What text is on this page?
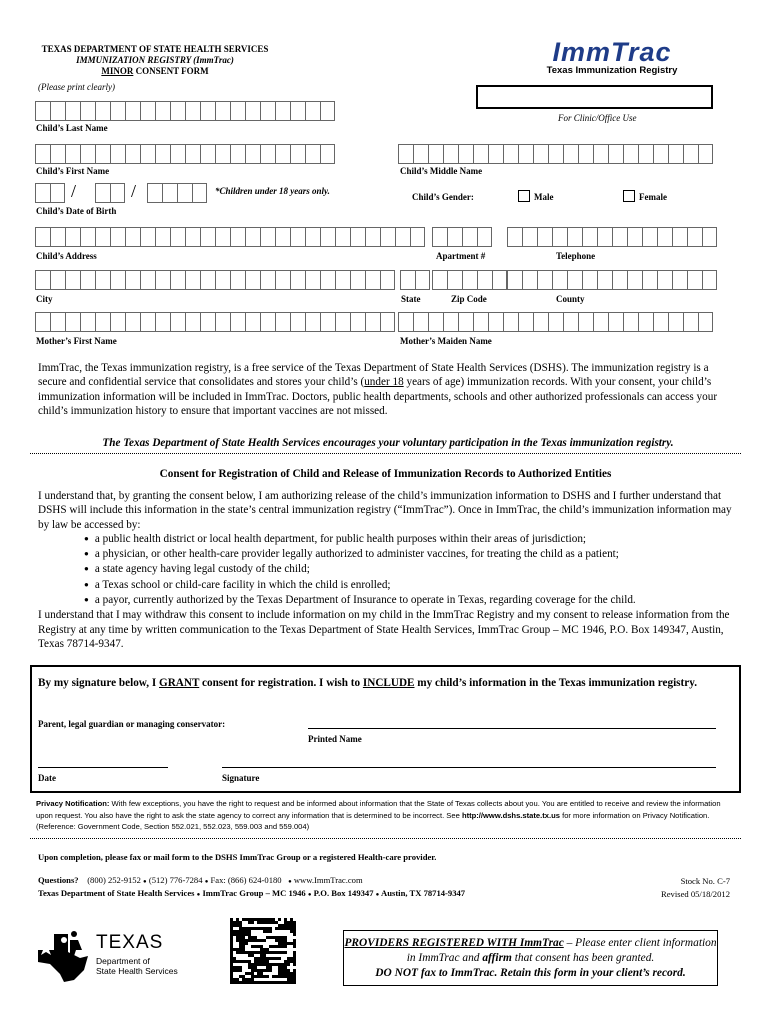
TEXAS DEPARTMENT OF STATE HEALTH SERVICES
IMMUNIZATION REGISTRY (ImmTrac)
MINOR CONSENT FORM
(Please print clearly)
ImmTrac
Texas Immunization Registry
For Clinic/Office Use
Child’s Last Name
Child’s First Name	Child’s Middle Name
/	/	*Children under 18 years only.
Child’s Date of Birth
Child’s Gender:	Male	Female
Child’s Address	Apartment #	Telephone
City	State	Zip Code	County
Mother’s First Name	Mother’s Maiden Name
ImmTrac, the Texas immunization registry, is a free service of the Texas Department of State Health Services (DSHS). The immunization registry is a secure and confidential service that consolidates and stores your child’s (under 18 years of age) immunization records. With your consent, your child’s immunization information will be included in ImmTrac. Doctors, public health departments, schools and other authorized professionals can access your child’s immunization history to ensure that important vaccines are not missed.
The Texas Department of State Health Services encourages your voluntary participation in the Texas immunization registry.
Consent for Registration of Child and Release of Immunization Records to Authorized Entities
I understand that, by granting the consent below, I am authorizing release of the child’s immunization information to DSHS and I further understand that DSHS will include this information in the state’s central immunization registry (“ImmTrac”). Once in ImmTrac, the child’s immunization information may by law be accessed by:
● a public health district or local health department, for public health purposes within their areas of jurisdiction;
● a physician, or other health-care provider legally authorized to administer vaccines, for treating the child as a patient;
● a state agency having legal custody of the child;
● a Texas school or child-care facility in which the child is enrolled;
● a payor, currently authorized by the Texas Department of Insurance to operate in Texas, regarding coverage for the child.
I understand that I may withdraw this consent to include information on my child in the ImmTrac Registry and my consent to release information from the Registry at any time by written communication to the Texas Department of State Health Services, ImmTrac Group – MC 1946, P.O. Box 149347, Austin, Texas 78714-9347.
By my signature below, I GRANT consent for registration. I wish to INCLUDE my child’s information in the Texas immunization registry.
Parent, legal guardian or managing conservator:
Printed Name
Date	Signature
Privacy Notification: With few exceptions, you have the right to request and be informed about information that the State of Texas collects about you. You are entitled to receive and review the information upon request. You also have the right to ask the state agency to correct any information that is determined to be incorrect. See http://www.dshs.state.tx.us for more information on Privacy Notification. (Reference: Government Code, Section 552.021, 552.023, 559.003 and 559.004)
Upon completion, please fax or mail form to the DSHS ImmTrac Group or a registered Health-care provider.
Questions? (800) 252-9152 ● (512) 776-7284 ● Fax: (866) 624-0180 ● www.ImmTrac.com
Texas Department of State Health Services ● ImmTrac Group – MC 1946 ● P.O. Box 149347 ● Austin, TX 78714-9347
Stock No. C-7
Revised 05/18/2012
TEXAS
Department of
State Health Services
PROVIDERS REGISTERED WITH ImmTrac – Please enter client information in ImmTrac and affirm that consent has been granted.
DO NOT fax to ImmTrac. Retain this form in your client’s record.
